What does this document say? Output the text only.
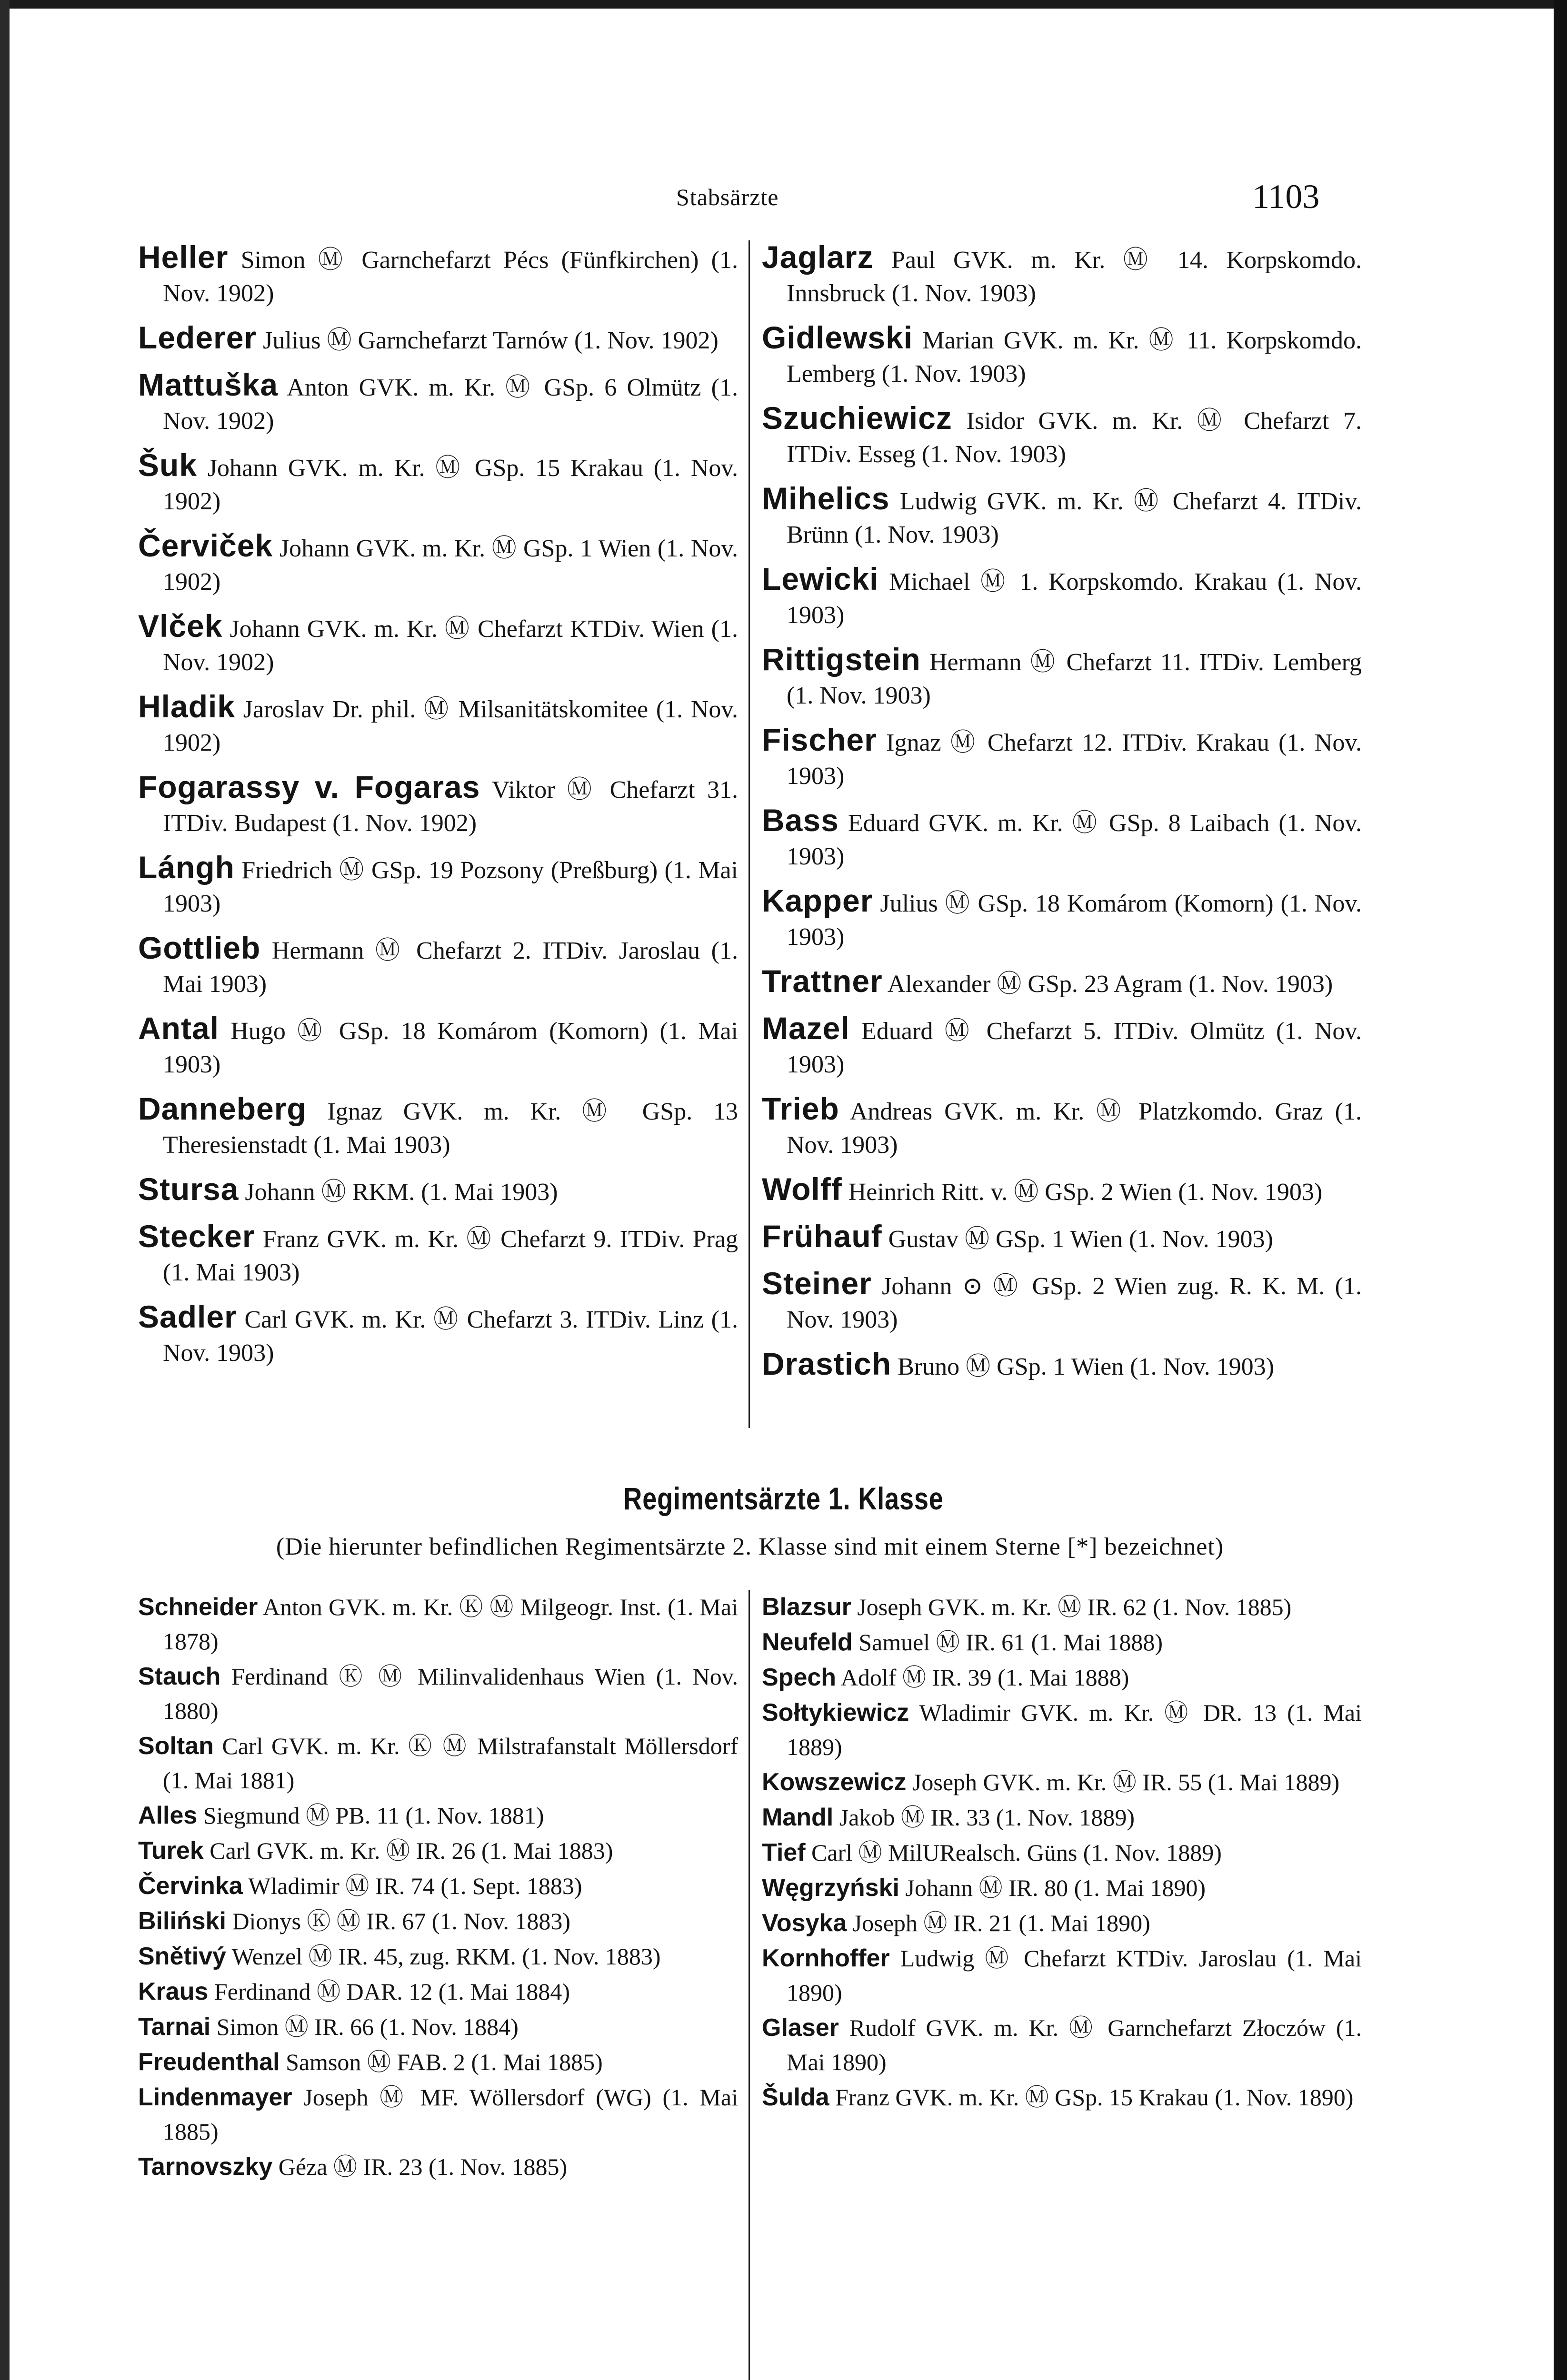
Stabsärzte	1103
Heller Simon Ⓜ Garnchefarzt Pécs (Fünfkirchen) (1. Nov. 1902)
Lederer Julius Ⓜ Garnchefarzt Tarnów (1. Nov. 1902)
Mattuška Anton GVK. m. Kr. Ⓜ GSp. 6 Olmütz (1. Nov. 1902)
Šuk Johann GVK. m. Kr. Ⓜ GSp. 15 Krakau (1. Nov. 1902)
Červiček Johann GVK. m. Kr. Ⓜ GSp. 1 Wien (1. Nov. 1902)
Vlček Johann GVK. m. Kr. Ⓜ Chefarzt KTDiv. Wien (1. Nov. 1902)
Hladik Jaroslav Dr. phil. Ⓜ Milsanitätskomitee (1. Nov. 1902)
Fogarassy v. Fogaras Viktor Ⓜ Chefarzt 31. ITDiv. Budapest (1. Nov. 1902)
Lángh Friedrich Ⓜ GSp. 19 Pozsony (Preßburg) (1. Mai 1903)
Gottlieb Hermann Ⓜ Chefarzt 2. ITDiv. Jaroslau (1. Mai 1903)
Antal Hugo Ⓜ GSp. 18 Komárom (Komorn) (1. Mai 1903)
Danneberg Ignaz GVK. m. Kr. Ⓜ GSp. 13 Theresienstadt (1. Mai 1903)
Stursa Johann Ⓜ RKM. (1. Mai 1903)
Stecker Franz GVK. m. Kr. Ⓜ Chefarzt 9. ITDiv. Prag (1. Mai 1903)
Sadler Carl GVK. m. Kr. Ⓜ Chefarzt 3. ITDiv. Linz (1. Nov. 1903)
Jaglarz Paul GVK. m. Kr. Ⓜ 14. Korpskomdo. Innsbruck (1. Nov. 1903)
Gidlewski Marian GVK. m. Kr. Ⓜ 11. Korpskomdo. Lemberg (1. Nov. 1903)
Szuchiewicz Isidor GVK. m. Kr. Ⓜ Chefarzt 7. ITDiv. Esseg (1. Nov. 1903)
Mihelics Ludwig GVK. m. Kr. Ⓜ Chefarzt 4. ITDiv. Brünn (1. Nov. 1903)
Lewicki Michael Ⓜ 1. Korpskomdo. Krakau (1. Nov. 1903)
Rittigstein Hermann Ⓜ Chefarzt 11. ITDiv. Lemberg (1. Nov. 1903)
Fischer Ignaz Ⓜ Chefarzt 12. ITDiv. Krakau (1. Nov. 1903)
Bass Eduard GVK. m. Kr. Ⓜ GSp. 8 Laibach (1. Nov. 1903)
Kapper Julius Ⓜ GSp. 18 Komárom (Komorn) (1. Nov. 1903)
Trattner Alexander Ⓜ GSp. 23 Agram (1. Nov. 1903)
Mazel Eduard Ⓜ Chefarzt 5. ITDiv. Olmütz (1. Nov. 1903)
Trieb Andreas GVK. m. Kr. Ⓜ Platzkomdo. Graz (1. Nov. 1903)
Wolff Heinrich Ritt. v. Ⓜ GSp. 2 Wien (1. Nov. 1903)
Frühauf Gustav Ⓜ GSp. 1 Wien (1. Nov. 1903)
Steiner Johann ⊙ Ⓜ GSp. 2 Wien zug. R. K. M. (1. Nov. 1903)
Drastich Bruno Ⓜ GSp. 1 Wien (1. Nov. 1903)
Regimentsärzte 1. Klasse
(Die hierunter befindlichen Regimentsärzte 2. Klasse sind mit einem Sterne [*] bezeichnet)
Schneider Anton GVK. m. Kr. Ⓚ Ⓜ Milgeogr. Inst. (1. Mai 1878)
Stauch Ferdinand Ⓚ Ⓜ Milinvalidenhaus Wien (1. Nov. 1880)
Soltan Carl GVK. m. Kr. Ⓚ Ⓜ Milstrafanstalt Möllersdorf (1. Mai 1881)
Alles Siegmund Ⓜ PB. 11 (1. Nov. 1881)
Turek Carl GVK. m. Kr. Ⓜ IR. 26 (1. Mai 1883)
Červinka Wladimir Ⓜ IR. 74 (1. Sept. 1883)
Biliński Dionys Ⓚ Ⓜ IR. 67 (1. Nov. 1883)
Snětivý Wenzel Ⓜ IR. 45, zug. RKM. (1. Nov. 1883)
Kraus Ferdinand Ⓜ DAR. 12 (1. Mai 1884)
Tarnai Simon Ⓜ IR. 66 (1. Nov. 1884)
Freudenthal Samson Ⓜ FAB. 2 (1. Mai 1885)
Lindenmayer Joseph Ⓜ MF. Wöllersdorf (WG) (1. Mai 1885)
Tarnovszky Géza Ⓜ IR. 23 (1. Nov. 1885)
Blazsur Joseph GVK. m. Kr. Ⓜ IR. 62 (1. Nov. 1885)
Neufeld Samuel Ⓜ IR. 61 (1. Mai 1888)
Spech Adolf Ⓜ IR. 39 (1. Mai 1888)
Sołtykiewicz Wladimir GVK. m. Kr. Ⓜ DR. 13 (1. Mai 1889)
Kowszewicz Joseph GVK. m. Kr. Ⓜ IR. 55 (1. Mai 1889)
Mandl Jakob Ⓜ IR. 33 (1. Nov. 1889)
Tief Carl Ⓜ MilURealsch. Güns (1. Nov. 1889)
Węgrzyński Johann Ⓜ IR. 80 (1. Mai 1890)
Vosyka Joseph Ⓜ IR. 21 (1. Mai 1890)
Kornhoffer Ludwig Ⓜ Chefarzt KTDiv. Jaroslau (1. Mai 1890)
Glaser Rudolf GVK. m. Kr. Ⓜ Garnchefarzt Złoczów (1. Mai 1890)
Šulda Franz GVK. m. Kr. Ⓜ GSp. 15 Krakau (1. Nov. 1890)
